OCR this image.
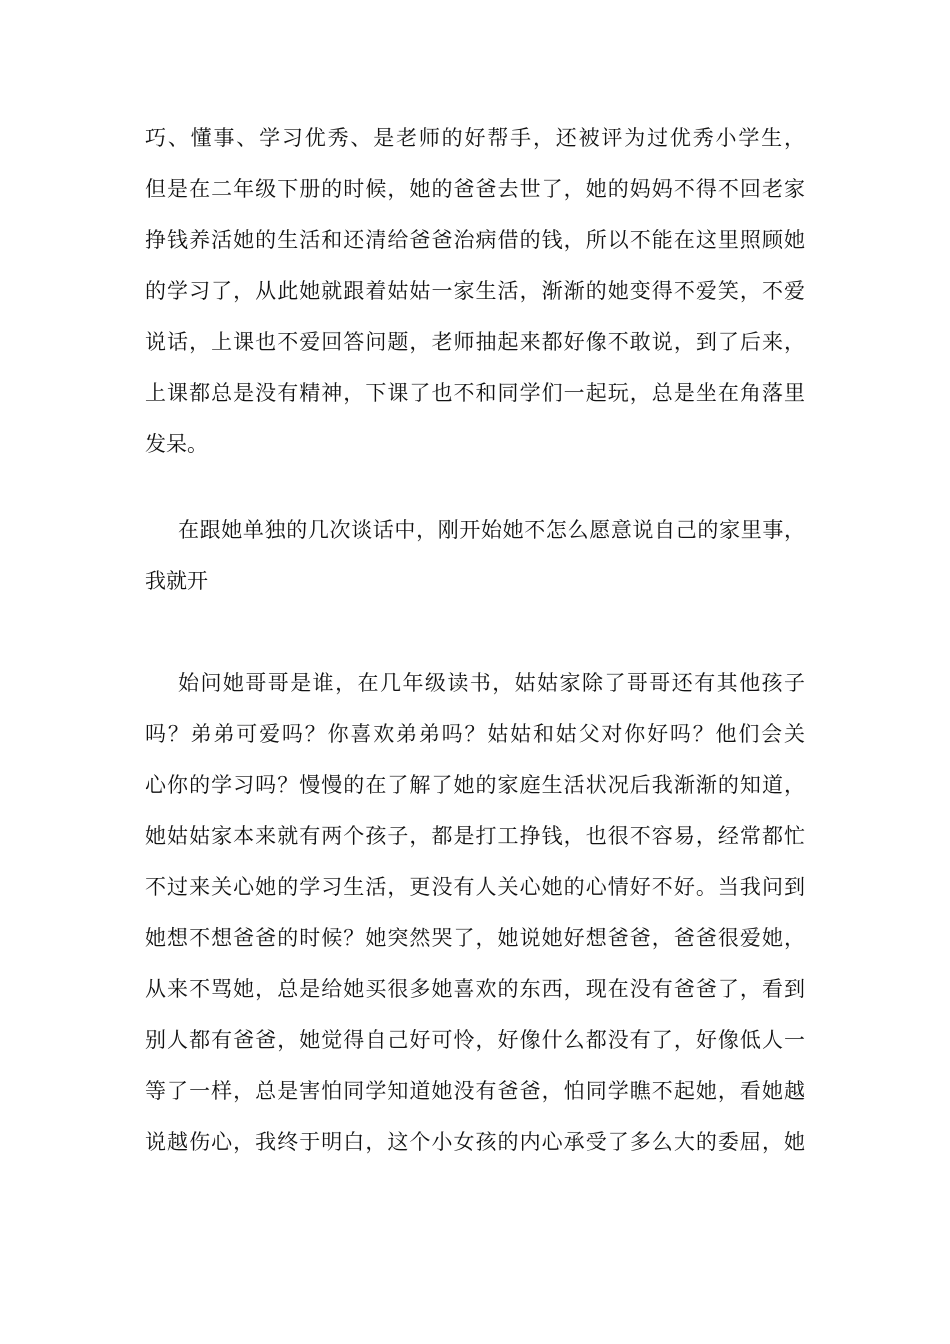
巧、懂事、学习优秀、是老师的好帮手，还被评为过优秀小学生，
但是在二年级下册的时候，她的爸爸去世了，她的妈妈不得不回老家
挣钱养活她的生活和还清给爸爸治病借的钱，所以不能在这里照顾她
的学习了，从此她就跟着姑姑一家生活，渐渐的她变得不爱笑，不爱
说话，上课也不爱回答问题，老师抽起来都好像不敢说，到了后来，
上课都总是没有精神，下课了也不和同学们一起玩，总是坐在角落里
发呆。
在跟她单独的几次谈话中，刚开始她不怎么愿意说自己的家里事，
我就开
始问她哥哥是谁，在几年级读书，姑姑家除了哥哥还有其他孩子
吗？弟弟可爱吗？你喜欢弟弟吗？姑姑和姑父对你好吗？他们会关
心你的学习吗？慢慢的在了解了她的家庭生活状况后我渐渐的知道，
她姑姑家本来就有两个孩子，都是打工挣钱，也很不容易，经常都忙
不过来关心她的学习生活，更没有人关心她的心情好不好。当我问到
她想不想爸爸的时候？她突然哭了，她说她好想爸爸，爸爸很爱她，
从来不骂她，总是给她买很多她喜欢的东西，现在没有爸爸了，看到
别人都有爸爸，她觉得自己好可怜，好像什么都没有了，好像低人一
等了一样，总是害怕同学知道她没有爸爸，怕同学瞧不起她，看她越
说越伤心，我终于明白，这个小女孩的内心承受了多么大的委屈，她
